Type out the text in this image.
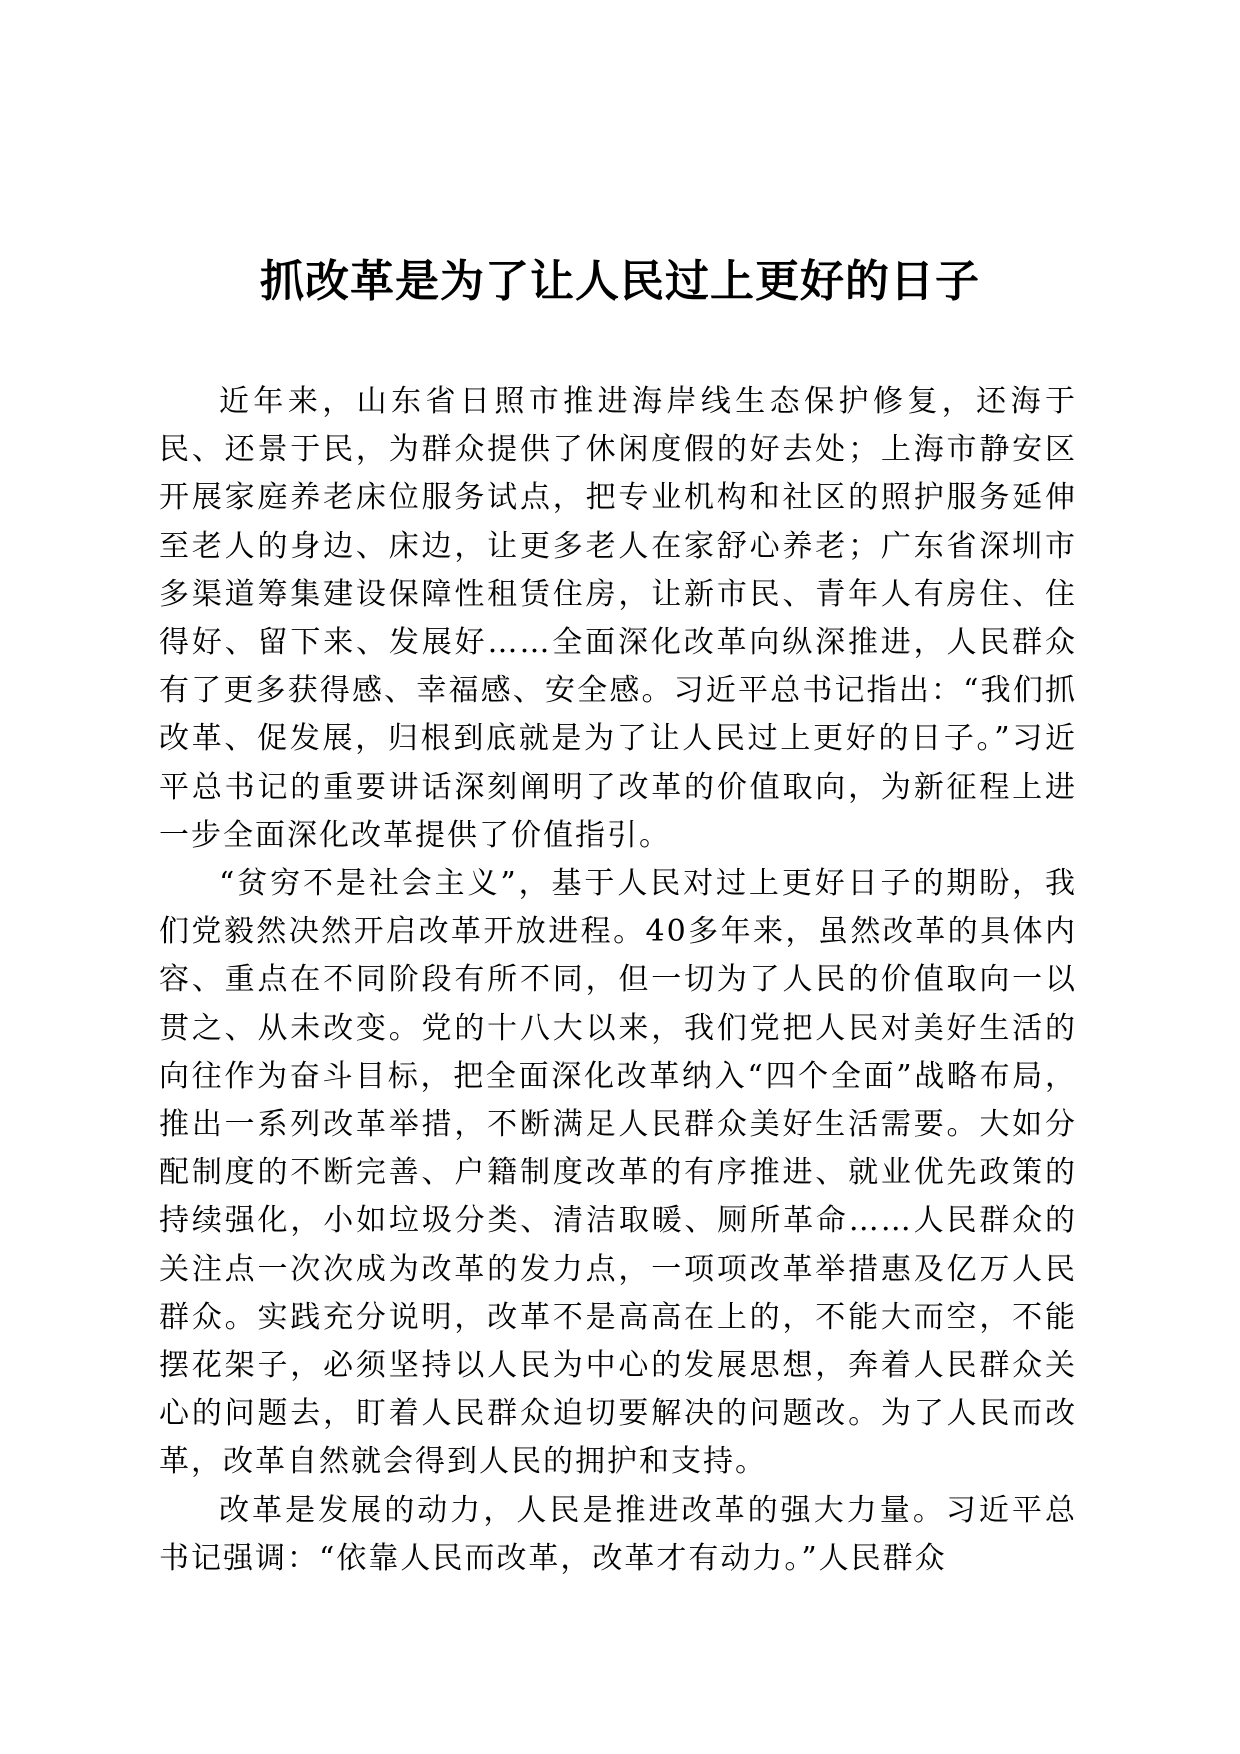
抓改革是为了让人民过上更好的日子

近年来，山东省日照市推进海岸线生态保护修复，还海于民、还景于民，为群众提供了休闲度假的好去处；上海市静安区开展家庭养老床位服务试点，把专业机构和社区的照护服务延伸至老人的身边、床边，让更多老人在家舒心养老；广东省深圳市多渠道筹集建设保障性租赁住房，让新市民、青年人有房住、住得好、留下来、发展好……全面深化改革向纵深推进，人民群众有了更多获得感、幸福感、安全感。习近平总书记指出：“我们抓改革、促发展，归根到底就是为了让人民过上更好的日子。”习近平总书记的重要讲话深刻阐明了改革的价值取向，为新征程上进一步全面深化改革提供了价值指引。

“贫穷不是社会主义”，基于人民对过上更好日子的期盼，我们党毅然决然开启改革开放进程。40多年来，虽然改革的具体内容、重点在不同阶段有所不同，但一切为了人民的价值取向一以贯之、从未改变。党的十八大以来，我们党把人民对美好生活的向往作为奋斗目标，把全面深化改革纳入“四个全面”战略布局，推出一系列改革举措，不断满足人民群众美好生活需要。大如分配制度的不断完善、户籍制度改革的有序推进、就业优先政策的持续强化，小如垃圾分类、清洁取暖、厕所革命……人民群众的关注点一次次成为改革的发力点，一项项改革举措惠及亿万人民群众。实践充分说明，改革不是高高在上的，不能大而空，不能摆花架子，必须坚持以人民为中心的发展思想，奔着人民群众关心的问题去，盯着人民群众迫切要解决的问题改。为了人民而改革，改革自然就会得到人民的拥护和支持。

改革是发展的动力，人民是推进改革的强大力量。习近平总书记强调：“依靠人民而改革，改革才有动力。”人民群众
